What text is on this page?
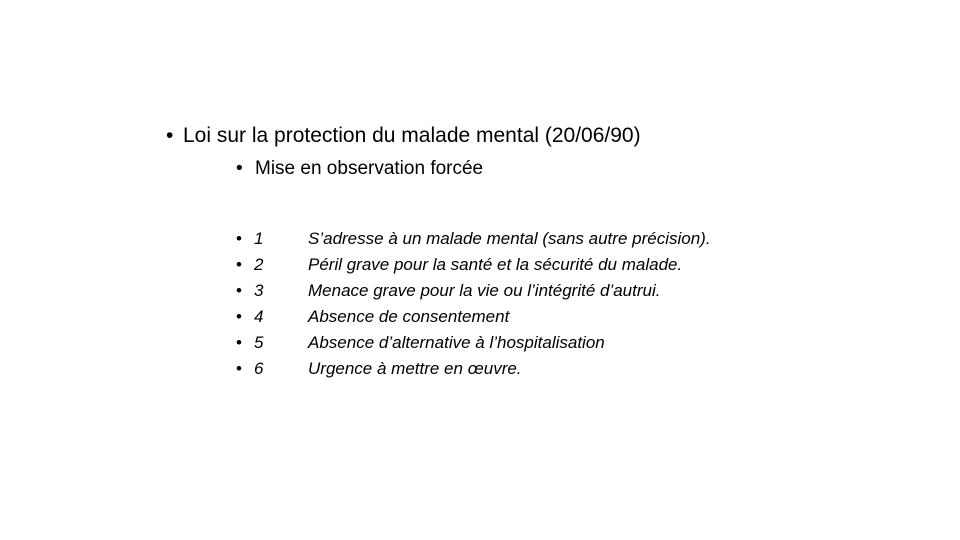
• Loi sur la protection du malade mental (20/06/90)
• Mise en observation forcée
• 1	S’adresse à un malade mental (sans autre précision).
• 2	Péril grave pour la santé et la sécurité du malade.
• 3	Menace grave pour la vie ou l’intégrité d’autrui.
• 4	Absence de consentement
• 5	Absence d’alternative à l’hospitalisation
• 6	Urgence à mettre en œuvre.
